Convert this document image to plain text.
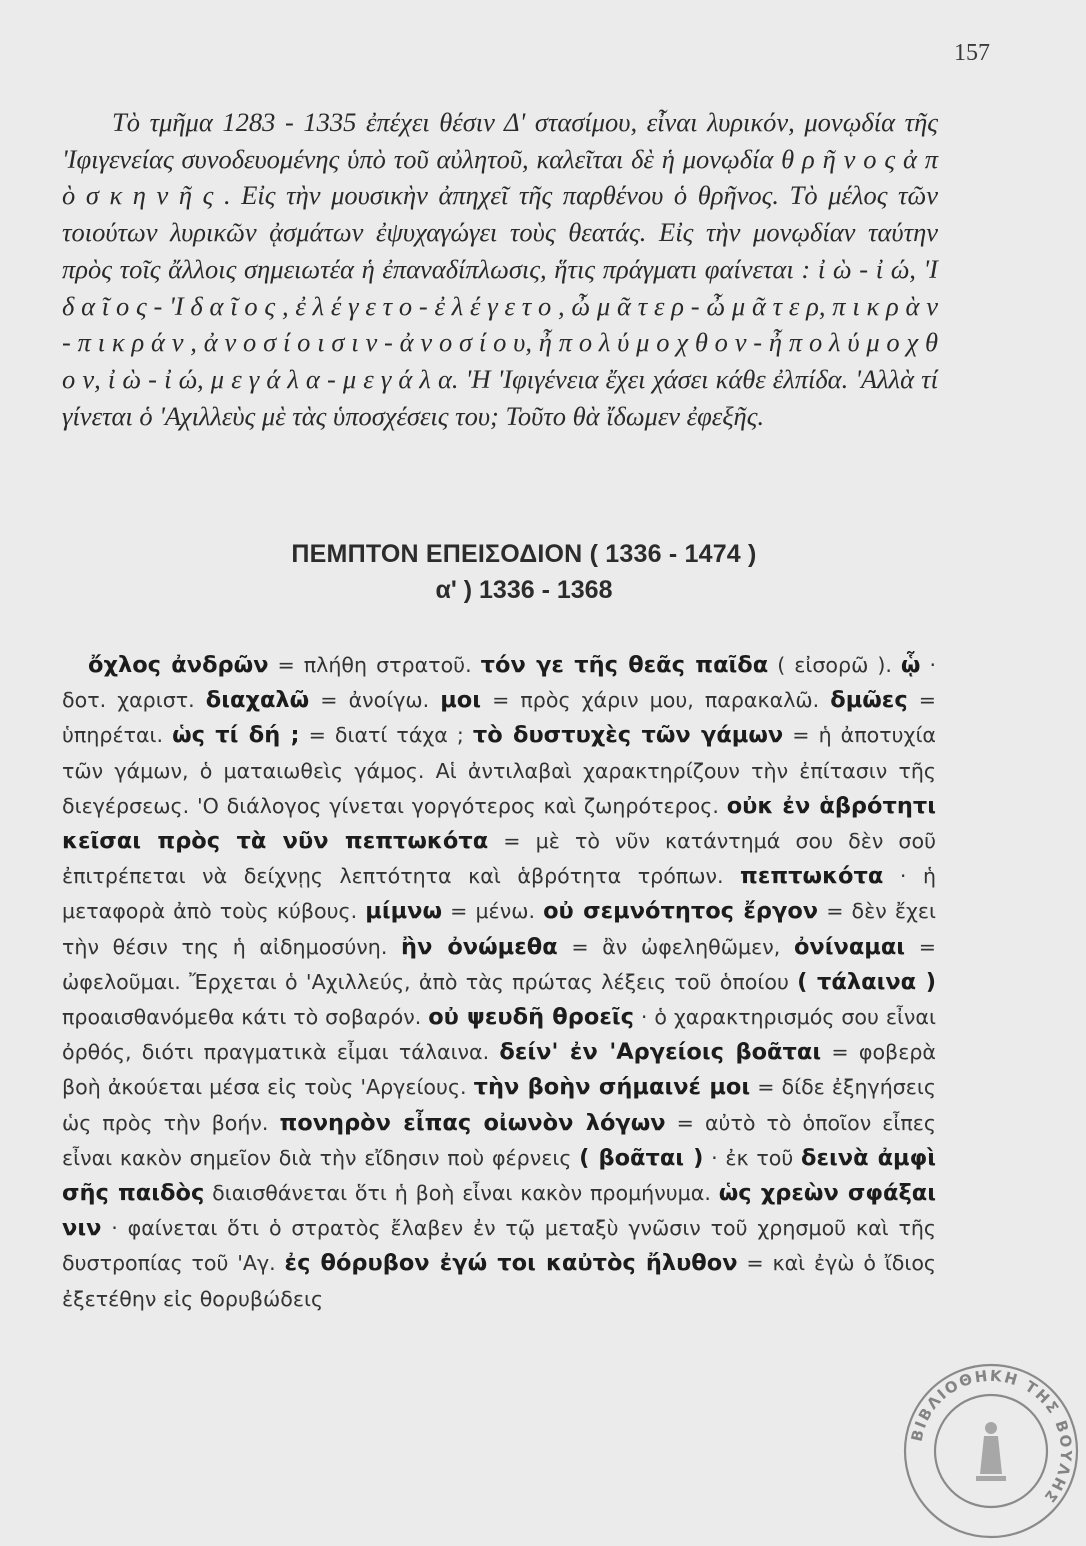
157

Τὸ τμῆμα 1283 - 1335 ἐπέχει θέσιν Δ' στασίμου, εἶναι λυρικόν, μονῳδία τῆς 'Ιφιγενείας συνοδευομένης ὑπὸ τοῦ αὐλητοῦ, καλεῖται δὲ ἡ μονῳδία θ ρ ῆ ν ο ς ἀ π ὸ σ κ η ν ῆ ς . Εἰς τὴν μουσικὴν ἀπηχεῖ τῆς παρθένου ὁ θρῆνος. Τὸ μέλος τῶν τοιούτων λυρικῶν ᾀσμάτων ἐψυχαγώγει τοὺς θεατάς. Εἰς τὴν μονῳδίαν ταύτην πρὸς τοῖς ἄλλοις σημειωτέα ἡ ἐπαναδίπλωσις, ἥτις πράγματι φαίνεται : ἰ ὼ - ἰ ώ, 'Ι δ α ῖ ο ς - 'Ι δ α ῖ ο ς , ἐ λ έ γ ε τ ο - ἐ λ έ γ ε τ ο , ὦ μ ᾶ τ ε ρ - ὦ μ ᾶ τ ε ρ, π ι κ ρ ὰ ν - π ι κ ρ ά ν , ἀ ν ο σ ί ο ι σ ι ν - ἀ ν ο σ ί ο υ, ἦ π ο λ ύ μ ο χ θ ο ν - ἦ π ο λ ύ μ ο χ θ ο ν, ἰ ὼ - ἰ ώ, μ ε γ ά λ α - μ ε γ ά λ α. 'Η 'Ιφιγένεια ἔχει χάσει κάθε ἐλπίδα. 'Αλλὰ τί γίνεται ὁ 'Αχιλλεὺς μὲ τὰς ὑποσχέσεις του; Τοῦτο θὰ ἴδωμεν ἐφεξῆς.

ΠΕΜΠΤΟΝ ΕΠΕΙΣΟΔΙΟΝ ( 1336 - 1474 )
α' ) 1336 - 1368

ὄχλος ἀνδρῶν = πλήθη στρατοῦ. τόν γε τῆς θεᾶς παῖδα ( εἰσορῶ ). ᾧ · δοτ. χαριστ. διαχαλῶ = ἀνοίγω. μοι = πρὸς χάριν μου, παρακαλῶ. δμῶες = ὑπηρέται. ὡς τί δή ; = διατί τάχα ; τὸ δυστυχὲς τῶν γάμων = ἡ ἀποτυχία τῶν γάμων, ὁ ματαιωθεὶς γάμος. Αἱ ἀντιλαβαὶ χαρακτηρίζουν τὴν ἐπίτασιν τῆς διεγέρσεως. 'Ο διάλογος γίνεται γοργότερος καὶ ζωηρότερος. οὐκ ἐν ἁβρότητι κεῖσαι πρὸς τὰ νῦν πεπτωκότα = μὲ τὸ νῦν κατάντημά σου δὲν σοῦ ἐπιτρέπεται νὰ δείχνῃς λεπτότητα καὶ ἁβρότητα τρόπων. πεπτωκότα · ἡ μεταφορὰ ἀπὸ τοὺς κύβους. μίμνω = μένω. οὐ σεμνότητος ἔργον = δὲν ἔχει τὴν θέσιν της ἡ αἰδημοσύνη. ἢν ὀνώμεθα = ἂν ὠφεληθῶμεν, ὀνίναμαι = ὠφελοῦμαι. Ἔρχεται ὁ 'Αχιλλεύς, ἀπὸ τὰς πρώτας λέξεις τοῦ ὁποίου ( τάλαινα ) προαισθανόμεθα κάτι τὸ σοβαρόν. οὐ ψευδῆ θροεῖς · ὁ χαρακτηρισμός σου εἶναι ὀρθός, διότι πραγματικὰ εἶμαι τάλαινα. δείν' ἐν 'Αργείοις βοᾶται = φοβερὰ βοὴ ἀκούεται μέσα εἰς τοὺς 'Αργείους. τὴν βοὴν σήμαινέ μοι = δίδε ἐξηγήσεις ὡς πρὸς τὴν βοήν. πονηρὸν εἶπας οἰωνὸν λόγων = αὐτὸ τὸ ὁποῖον εἶπες εἶναι κακὸν σημεῖον διὰ τὴν εἴδησιν ποὺ φέρνεις ( βοᾶται ) · ἐκ τοῦ δεινὰ ἀμφὶ σῆς παιδὸς διαισθάνεται ὅτι ἡ βοὴ εἶναι κακὸν προμήνυμα. ὡς χρεὼν σφάξαι νιν · φαίνεται ὅτι ὁ στρατὸς ἔλαβεν ἐν τῷ μεταξὺ γνῶσιν τοῦ χρησμοῦ καὶ τῆς δυστροπίας τοῦ 'Αγ. ἐς θόρυβον ἐγώ τοι καὐτὸς ἤλυθον = καὶ ἐγὼ ὁ ἴδιος ἐξετέθην εἰς θορυβώδεις

ΒΙΒΛΙΟΘΗΚΗ ΤΗΣ ΒΟΥΛΗΣ
